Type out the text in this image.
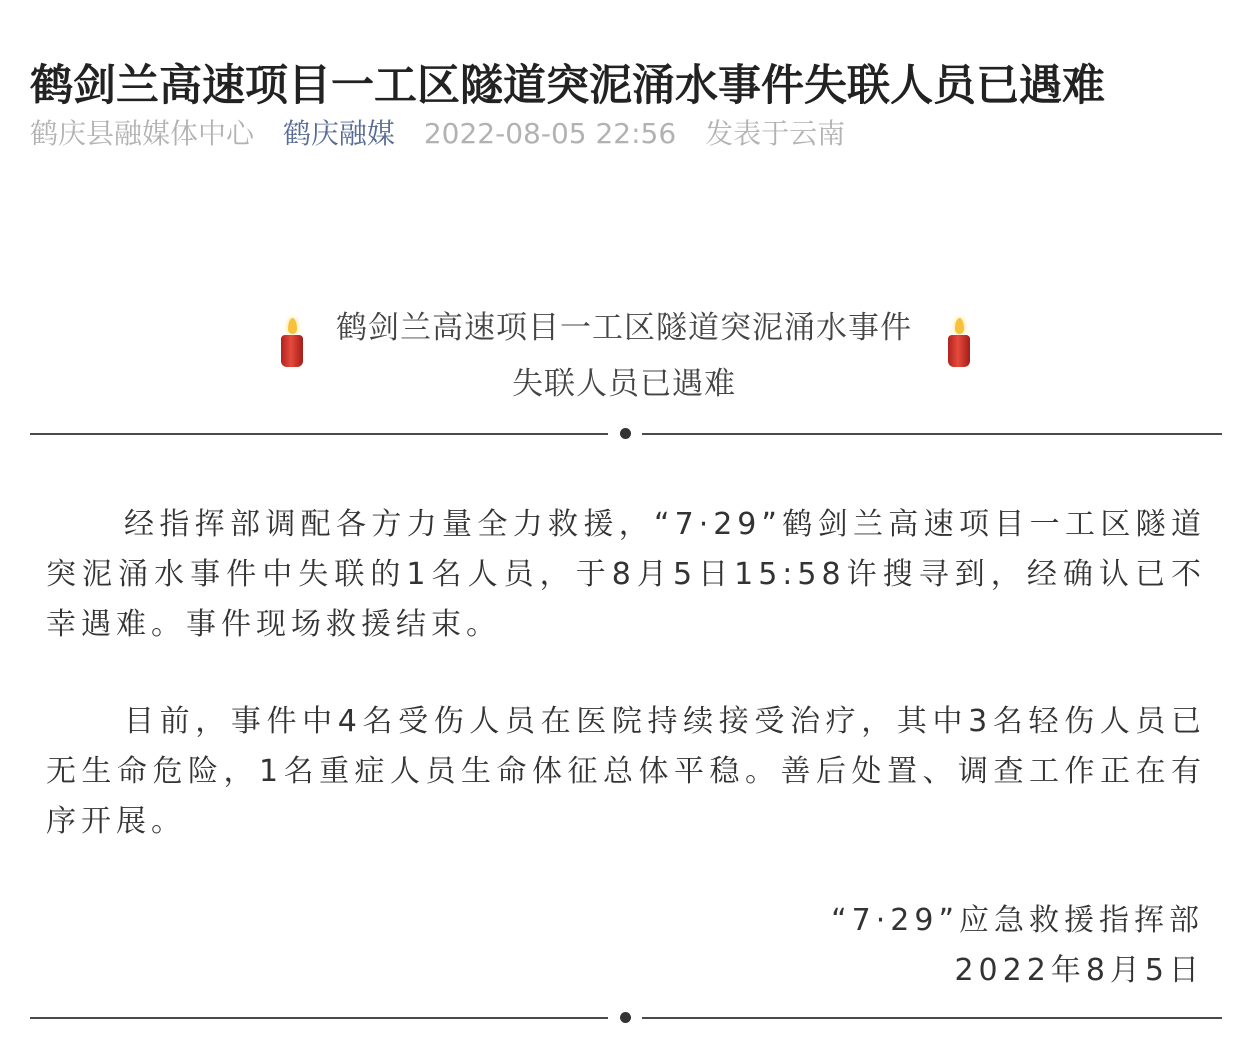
鹤剑兰高速项目一工区隧道突泥涌水事件失联人员已遇难
鹤庆县融媒体中心 鹤庆融媒 2022-08-05 22:56 发表于云南
鹤剑兰高速项目一工区隧道突泥涌水事件
失联人员已遇难

经指挥部调配各方力量全力救援，“7·29”鹤剑兰高速项目一工区隧道突泥涌水事件中失联的1名人员，于8月5日15:58许搜寻到，经确认已不幸遇难。事件现场救援结束。

目前，事件中4名受伤人员在医院持续接受治疗，其中3名轻伤人员已无生命危险，1名重症人员生命体征总体平稳。善后处置、调查工作正在有序开展。

“7·29”应急救援指挥部
2022年8月5日
